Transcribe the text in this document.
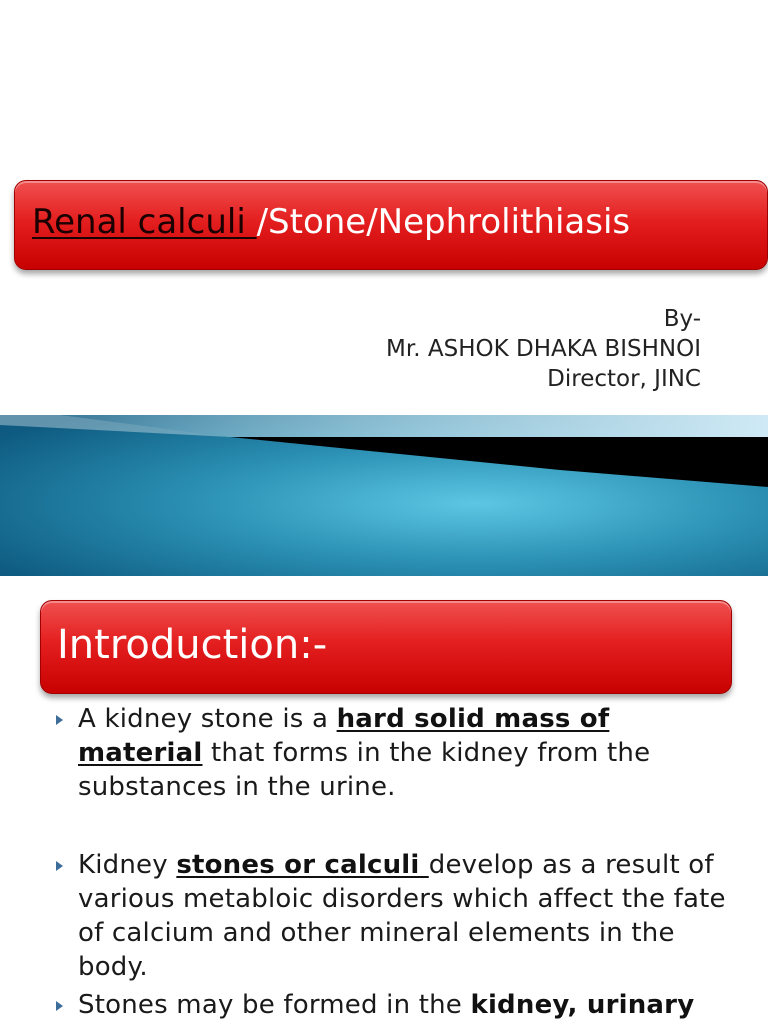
Renal calculi /Stone/Nephrolithiasis
By-
Mr. ASHOK DHAKA BISHNOI
Director, JINC
Introduction:-
A kidney stone is a hard solid mass of material that forms in the kidney from the substances in the urine.
Kidney stones or calculi develop as a result of various metabloic disorders which affect the fate of calcium and other mineral elements in the body.
Stones may be formed in the kidney, urinary
